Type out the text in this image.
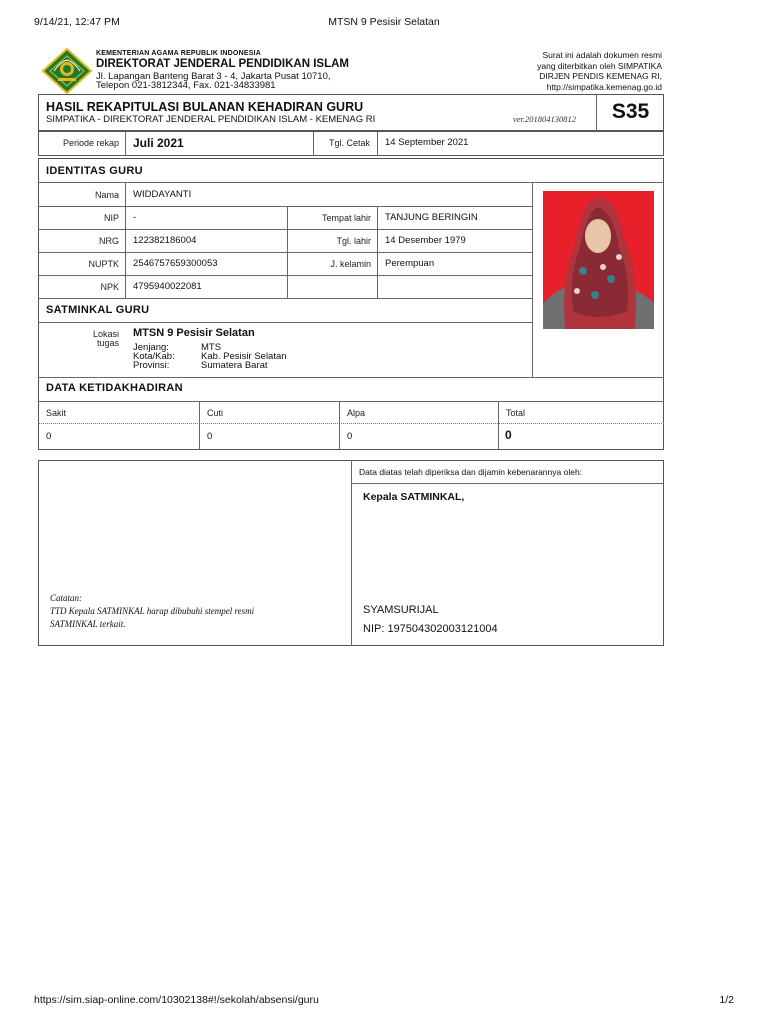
9/14/21, 12:47 PM	MTSN 9 Pesisir Selatan
KEMENTERIAN AGAMA REPUBLIK INDONESIA
DIREKTORAT JENDERAL PENDIDIKAN ISLAM
Jl. Lapangan Banteng Barat 3 - 4, Jakarta Pusat 10710,
Telepon 021-3812344, Fax. 021-34833981
Surat ini adalah dokumen resmi
yang diterbitkan oleh SIMPATIKA
DIRJEN PENDIS KEMENAG RI,
http://simpatika.kemenag.go.id
HASIL REKAPITULASI BULANAN KEHADIRAN GURU
SIMPATIKA - DIREKTORAT JENDERAL PENDIDIKAN ISLAM - KEMENAG RI	ver.201804130812	S35
Periode rekap Juli 2021	Tgl. Cetak 14 September 2021
IDENTITAS GURU
Nama WIDDAYANTI
NIP -	Tempat lahir TANJUNG BERINGIN
NRG 122382186004	Tgl. lahir 14 Desember 1979
NUPTK 2546757659300053	J. kelamin Perempuan
NPK 4795940022081
SATMINKAL GURU
Lokasi
tugas
MTSN 9 Pesisir Selatan
Jenjang:	MTS
Kota/Kab:	Kab. Pesisir Selatan
Provinsi:	Sumatera Barat
DATA KETIDAKHADIRAN
Sakit	Cuti	Alpa	Total
0	0	0	0
Data diatas telah diperiksa dan dijamin kebenarannya oleh:
Kepala SATMINKAL,
SYAMSURIJAL
NIP: 197504302003121004
Catatan:
TTD Kepala SATMINKAL harap dibubuhi stempel resmi
SATMINKAL terkait.
https://sim.siap-online.com/10302138#!/sekolah/absensi/guru	1/2
